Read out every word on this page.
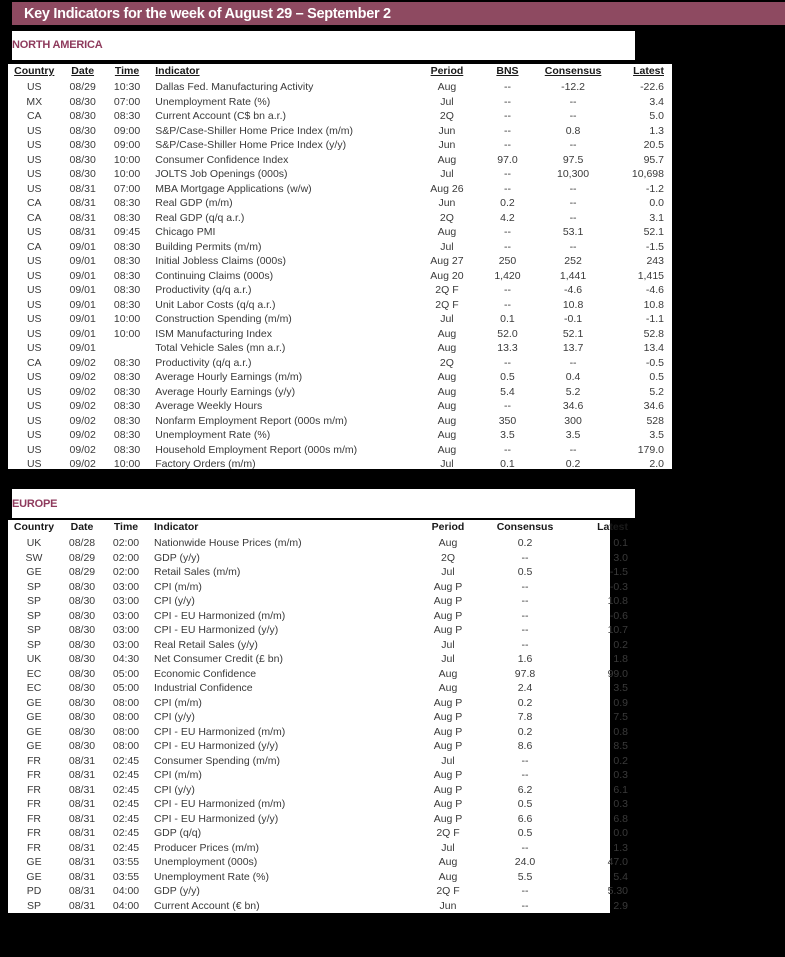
Key Indicators for the week of August 29 – September 2
NORTH AMERICA
Country	Date	Time	Indicator	Period	BNS	Consensus	Latest
US	08/29	10:30	Dallas Fed. Manufacturing Activity	Aug	--	-12.2	-22.6
MX	08/30	07:00	Unemployment Rate (%)	Jul	--	--	3.4
CA	08/30	08:30	Current Account (C$ bn a.r.)	2Q	--	--	5.0
US	08/30	09:00	S&P/Case-Shiller Home Price Index (m/m)	Jun	--	0.8	1.3
US	08/30	09:00	S&P/Case-Shiller Home Price Index (y/y)	Jun	--	--	20.5
US	08/30	10:00	Consumer Confidence Index	Aug	97.0	97.5	95.7
US	08/30	10:00	JOLTS Job Openings (000s)	Jul	--	10,300	10,698
US	08/31	07:00	MBA Mortgage Applications (w/w)	Aug 26	--	--	-1.2
CA	08/31	08:30	Real GDP (m/m)	Jun	0.2	--	0.0
CA	08/31	08:30	Real GDP (q/q a.r.)	2Q	4.2	--	3.1
US	08/31	09:45	Chicago PMI	Aug	--	53.1	52.1
CA	09/01	08:30	Building Permits (m/m)	Jul	--	--	-1.5
US	09/01	08:30	Initial Jobless Claims (000s)	Aug 27	250	252	243
US	09/01	08:30	Continuing Claims (000s)	Aug 20	1,420	1,441	1,415
US	09/01	08:30	Productivity (q/q a.r.)	2Q F	--	-4.6	-4.6
US	09/01	08:30	Unit Labor Costs (q/q a.r.)	2Q F	--	10.8	10.8
US	09/01	10:00	Construction Spending (m/m)	Jul	0.1	-0.1	-1.1
US	09/01	10:00	ISM Manufacturing Index	Aug	52.0	52.1	52.8
US	09/01		Total Vehicle Sales (mn a.r.)	Aug	13.3	13.7	13.4
CA	09/02	08:30	Productivity (q/q a.r.)	2Q	--	--	-0.5
US	09/02	08:30	Average Hourly Earnings (m/m)	Aug	0.5	0.4	0.5
US	09/02	08:30	Average Hourly Earnings (y/y)	Aug	5.4	5.2	5.2
US	09/02	08:30	Average Weekly Hours	Aug	--	34.6	34.6
US	09/02	08:30	Nonfarm Employment Report (000s m/m)	Aug	350	300	528
US	09/02	08:30	Unemployment Rate (%)	Aug	3.5	3.5	3.5
US	09/02	08:30	Household Employment Report (000s m/m)	Aug	--	--	179.0
US	09/02	10:00	Factory Orders (m/m)	Jul	0.1	0.2	2.0
EUROPE
Country	Date	Time	Indicator	Period	Consensus	Latest
UK	08/28	02:00	Nationwide House Prices (m/m)	Aug	0.2	0.1
SW	08/29	02:00	GDP (y/y)	2Q	--	3.0
GE	08/29	02:00	Retail Sales (m/m)	Jul	0.5	-1.5
SP	08/30	03:00	CPI (m/m)	Aug P	--	-0.3
SP	08/30	03:00	CPI (y/y)	Aug P	--	10.8
SP	08/30	03:00	CPI - EU Harmonized (m/m)	Aug P	--	-0.6
SP	08/30	03:00	CPI - EU Harmonized (y/y)	Aug P	--	10.7
SP	08/30	03:00	Real Retail Sales (y/y)	Jul	--	0.2
UK	08/30	04:30	Net Consumer Credit (£ bn)	Jul	1.6	1.8
EC	08/30	05:00	Economic Confidence	Aug	97.8	99.0
EC	08/30	05:00	Industrial Confidence	Aug	2.4	3.5
GE	08/30	08:00	CPI (m/m)	Aug P	0.2	0.9
GE	08/30	08:00	CPI (y/y)	Aug P	7.8	7.5
GE	08/30	08:00	CPI - EU Harmonized (m/m)	Aug P	0.2	0.8
GE	08/30	08:00	CPI - EU Harmonized (y/y)	Aug P	8.6	8.5
FR	08/31	02:45	Consumer Spending (m/m)	Jul	--	0.2
FR	08/31	02:45	CPI (m/m)	Aug P	--	0.3
FR	08/31	02:45	CPI (y/y)	Aug P	6.2	6.1
FR	08/31	02:45	CPI - EU Harmonized (m/m)	Aug P	0.5	0.3
FR	08/31	02:45	CPI - EU Harmonized (y/y)	Aug P	6.6	6.8
FR	08/31	02:45	GDP (q/q)	2Q F	0.5	0.0
FR	08/31	02:45	Producer Prices (m/m)	Jul	--	1.3
GE	08/31	03:55	Unemployment (000s)	Aug	24.0	47.0
GE	08/31	03:55	Unemployment Rate (%)	Aug	5.5	5.4
PD	08/31	04:00	GDP (y/y)	2Q F	--	5.30
SP	08/31	04:00	Current Account (€ bn)	Jun	--	2.9
